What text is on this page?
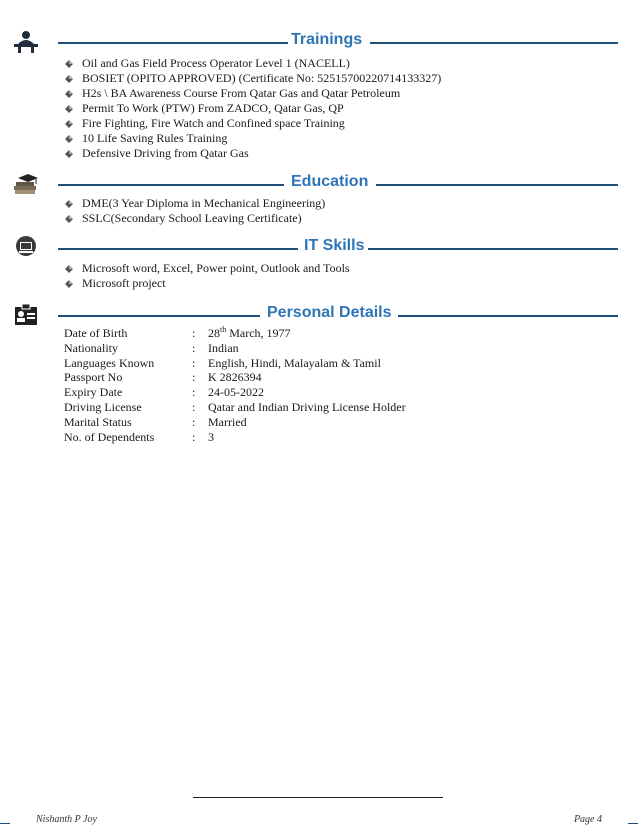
Trainings
Oil and Gas Field Process Operator Level 1 (NACELL)
BOSIET (OPITO APPROVED) (Certificate No: 52515700220714133327)
H2s \ BA Awareness Course From Qatar Gas and Qatar Petroleum
Permit To Work (PTW) From ZADCO, Qatar Gas, QP
Fire Fighting, Fire Watch and Confined space Training
10 Life Saving Rules Training
Defensive Driving from Qatar Gas
Education
DME(3 Year Diploma in Mechanical Engineering)
SSLC(Secondary School Leaving Certificate)
IT Skills
Microsoft word, Excel, Power point, Outlook and Tools
Microsoft project
Personal Details
Date of Birth	:	28th March, 1977
Nationality	:	Indian
Languages Known	:	English, Hindi, Malayalam & Tamil
Passport No	:	K 2826394
Expiry Date	:	24-05-2022
Driving License	:	Qatar and Indian Driving License Holder
Marital Status	:	Married
No. of Dependents	:	3
Nishanth P Joy	Page 4
